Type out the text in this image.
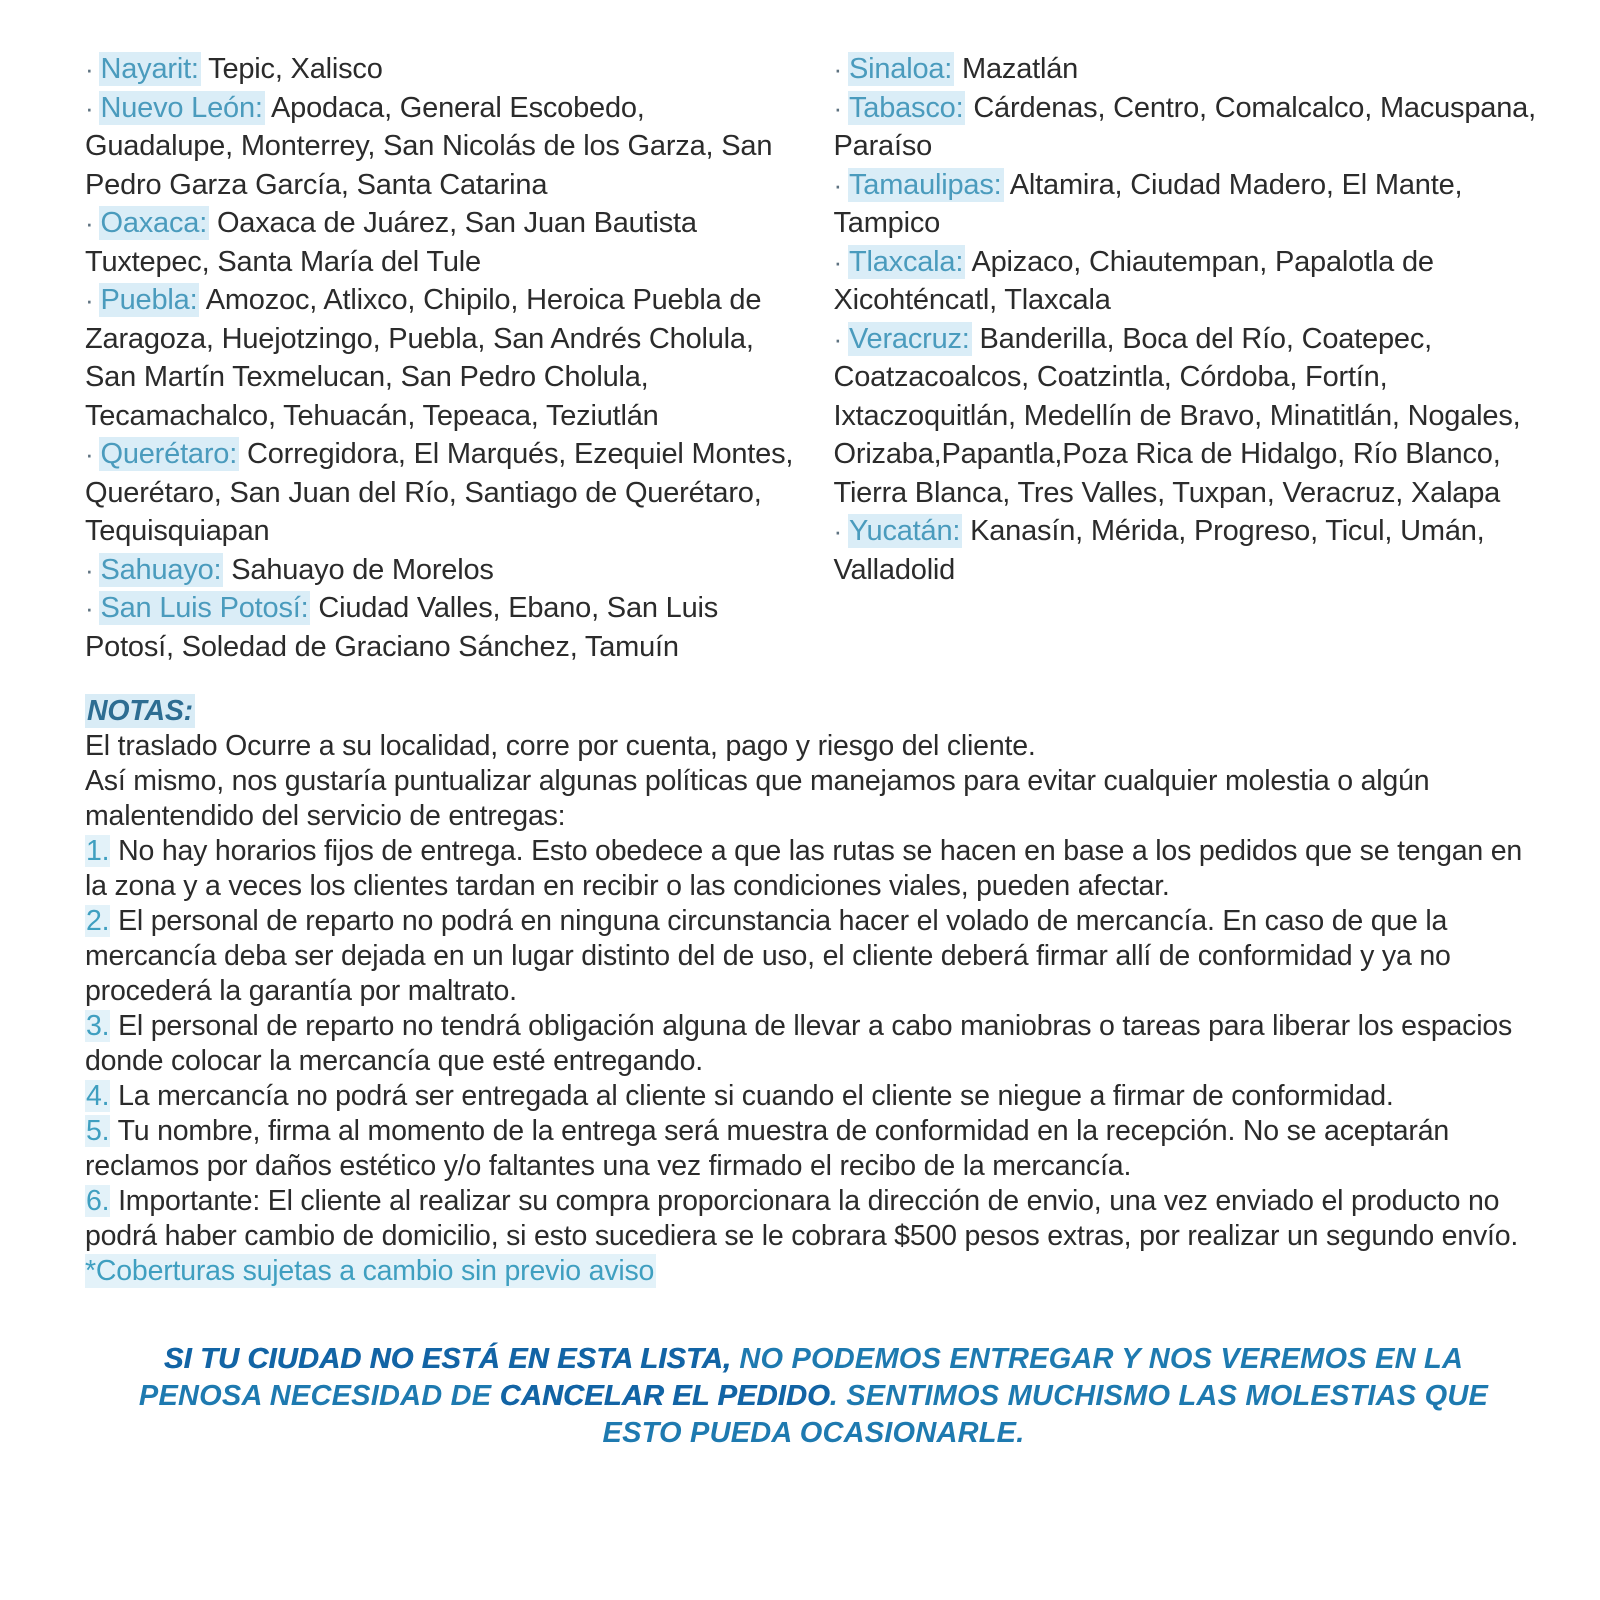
· Nayarit: Tepic, Xalisco

· Nuevo León: Apodaca, General Escobedo, Guadalupe, Monterrey, San Nicolás de los Garza, San Pedro Garza García, Santa Catarina

· Oaxaca: Oaxaca de Juárez, San Juan Bautista Tuxtepec, Santa María del Tule

· Puebla: Amozoc, Atlixco, Chipilo, Heroica Puebla de Zaragoza, Huejotzingo, Puebla, San Andrés Cholula, San Martín Texmelucan, San Pedro Cholula, Tecamachalco, Tehuacán, Tepeaca, Teziutlán

· Querétaro: Corregidora, El Marqués, Ezequiel Montes, Querétaro, San Juan del Río, Santiago de Querétaro, Tequisquiapan

· Sahuayo: Sahuayo de Morelos

· San Luis Potosí: Ciudad Valles, Ebano, San Luis Potosí, Soledad de Graciano Sánchez, Tamuín

· Sinaloa: Mazatlán

· Tabasco: Cárdenas, Centro, Comalcalco, Macuspana, Paraíso

· Tamaulipas: Altamira, Ciudad Madero, El Mante, Tampico

· Tlaxcala: Apizaco, Chiautempan, Papalotla de Xicohténcatl, Tlaxcala

· Veracruz: Banderilla, Boca del Río, Coatepec, Coatzacoalcos, Coatzintla, Córdoba, Fortín, Ixtaczoquitlán, Medellín de Bravo, Minatitlán, Nogales, Orizaba,Papantla,Poza Rica de Hidalgo, Río Blanco, Tierra Blanca, Tres Valles, Tuxpan, Veracruz, Xalapa

· Yucatán: Kanasín, Mérida, Progreso, Ticul, Umán, Valladolid

NOTAS:

El traslado Ocurre a su localidad, corre por cuenta, pago y riesgo del cliente.

Así mismo, nos gustaría puntualizar algunas políticas que manejamos para evitar cualquier molestia o algún malentendido del servicio de entregas:

1. No hay horarios fijos de entrega. Esto obedece a que las rutas se hacen en base a los pedidos que se tengan en la zona y a veces los clientes tardan en recibir o las condiciones viales, pueden afectar.

2. El personal de reparto no podrá en ninguna circunstancia hacer el volado de mercancía. En caso de que la mercancía deba ser dejada en un lugar distinto del de uso, el cliente deberá firmar allí de conformidad y ya no procederá la garantía por maltrato.

3. El personal de reparto no tendrá obligación alguna de llevar a cabo maniobras o tareas para liberar los espacios donde colocar la mercancía que esté entregando.

4. La mercancía no podrá ser entregada al cliente si cuando el cliente se niegue a firmar de conformidad.

5. Tu nombre, firma al momento de la entrega será muestra de conformidad en la recepción. No se aceptarán reclamos por daños estético y/o faltantes una vez firmado el recibo de la mercancía.

6. Importante: El cliente al realizar su compra proporcionara la dirección de envio, una vez enviado el producto no podrá haber cambio de domicilio, si esto sucediera se le cobrara $500 pesos extras, por realizar un segundo envío.

*Coberturas sujetas a cambio sin previo aviso

SI TU CIUDAD NO ESTÁ EN ESTA LISTA, NO PODEMOS ENTREGAR Y NOS VEREMOS EN LA PENOSA NECESIDAD DE CANCELAR EL PEDIDO. SENTIMOS MUCHISMO LAS MOLESTIAS QUE ESTO PUEDA OCASIONARLE.
